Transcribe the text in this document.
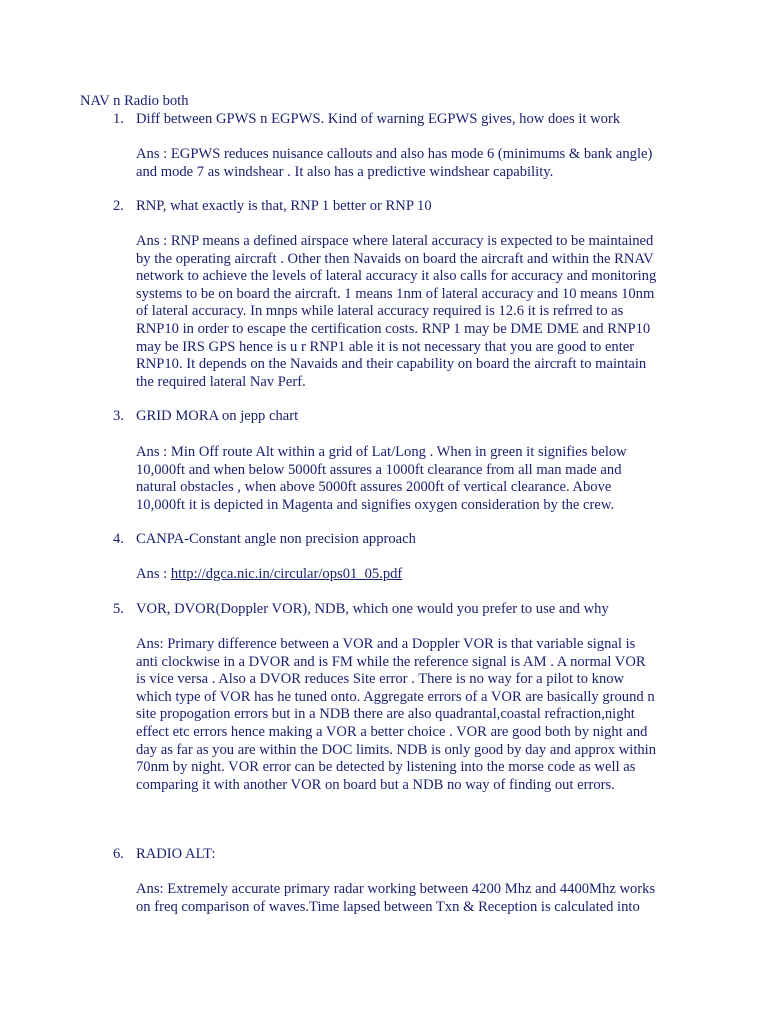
NAV n Radio both
1. Diff between GPWS n EGPWS. Kind of warning EGPWS gives, how does it work
Ans : EGPWS reduces nuisance callouts and also has mode 6 (minimums & bank angle)
and mode 7 as windshear . It also has a predictive windshear capability.
2. RNP, what exactly is that, RNP 1 better or RNP 10
Ans : RNP means a defined airspace where lateral accuracy is expected to be maintained
by the operating aircraft . Other then Navaids on board the aircraft and within the RNAV
network to achieve the levels of lateral accuracy it also calls for accuracy and monitoring
systems to be on board the aircraft. 1 means 1nm of lateral accuracy and 10 means 10nm
of lateral accuracy. In mnps while lateral accuracy required is 12.6 it is refrred to as
RNP10 in order to escape the certification costs. RNP 1 may be DME DME and RNP10
may be IRS GPS hence is u r RNP1 able it is not necessary that you are good to enter
RNP10. It depends on the Navaids and their capability on board the aircraft to maintain
the required lateral Nav Perf.
3. GRID MORA on jepp chart
Ans : Min Off route Alt within a grid of Lat/Long . When in green it signifies below
10,000ft and when below 5000ft assures a 1000ft clearance from all man made and
natural obstacles , when above 5000ft assures 2000ft of vertical clearance. Above
10,000ft it is depicted in Magenta and signifies oxygen consideration by the crew.
4. CANPA-Constant angle non precision approach
Ans : http://dgca.nic.in/circular/ops01_05.pdf
5. VOR, DVOR(Doppler VOR), NDB, which one would you prefer to use and why
Ans: Primary difference between a VOR and a Doppler VOR is that variable signal is
anti clockwise in a DVOR and is FM while the reference signal is AM . A normal VOR
is vice versa . Also a DVOR reduces Site error . There is no way for a pilot to know
which type of VOR has he tuned onto. Aggregate errors of a VOR are basically ground n
site propogation errors but in a NDB there are also quadrantal,coastal refraction,night
effect etc errors hence making a VOR a better choice . VOR are good both by night and
day as far as you are within the DOC limits. NDB is only good by day and approx within
70nm by night. VOR error can be detected by listening into the morse code as well as
comparing it with another VOR on board but a NDB no way of finding out errors.
6. RADIO ALT:
Ans: Extremely accurate primary radar working between 4200 Mhz and 4400Mhz works
on freq comparison of waves.Time lapsed between Txn & Reception is calculated into
